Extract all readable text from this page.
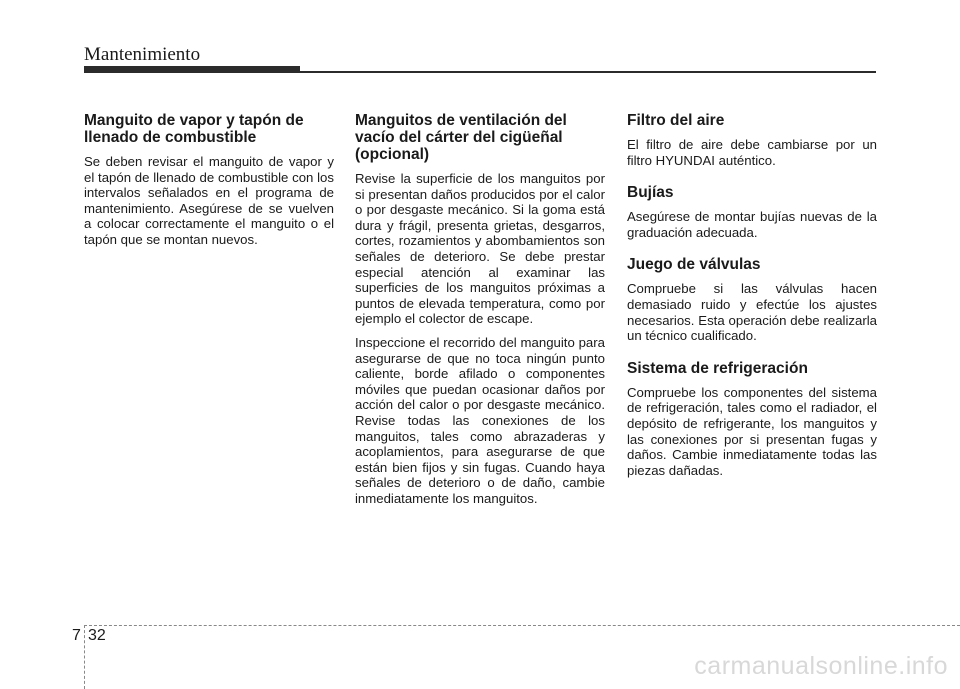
Mantenimiento
Manguito de vapor y tapón de llenado de combustible

Se deben revisar el manguito de vapor y el tapón de llenado de combustible con los intervalos señalados en el programa de mantenimiento. Asegúrese de se vuelven a colocar correctamente el manguito o el tapón que se montan nuevos.

Manguitos de ventilación del vacío del cárter del cigüeñal (opcional)

Revise la superficie de los manguitos por si presentan daños producidos por el calor o por desgaste mecánico. Si la goma está dura y frágil, presenta grietas, desgarros, cortes, rozamientos y abombamientos son señales de deterioro. Se debe prestar especial atención al examinar las superficies de los manguitos próximas a puntos de elevada temperatura, como por ejemplo el colector de escape.

Inspeccione el recorrido del manguito para asegurarse de que no toca ningún punto caliente, borde afilado o componentes móviles que puedan ocasionar daños por acción del calor o por desgaste mecánico. Revise todas las conexiones de los manguitos, tales como abrazaderas y acoplamientos, para asegurarse de que están bien fijos y sin fugas. Cuando haya señales de deterioro o de daño, cambie inmediatamente los manguitos.

Filtro del aire

El filtro de aire debe cambiarse por un filtro HYUNDAI auténtico.

Bujías

Asegúrese de montar bujías nuevas de la graduación adecuada.

Juego de válvulas

Compruebe si las válvulas hacen demasiado ruido y efectúe los ajustes necesarios. Esta operación debe realizarla un técnico cualificado.

Sistema de refrigeración

Compruebe los componentes del sistema de refrigeración, tales como el radiador, el depósito de refrigerante, los manguitos y las conexiones por si presentan fugas y daños. Cambie inmediatamente todas las piezas dañadas.

7 32
carmanualsonline.info
